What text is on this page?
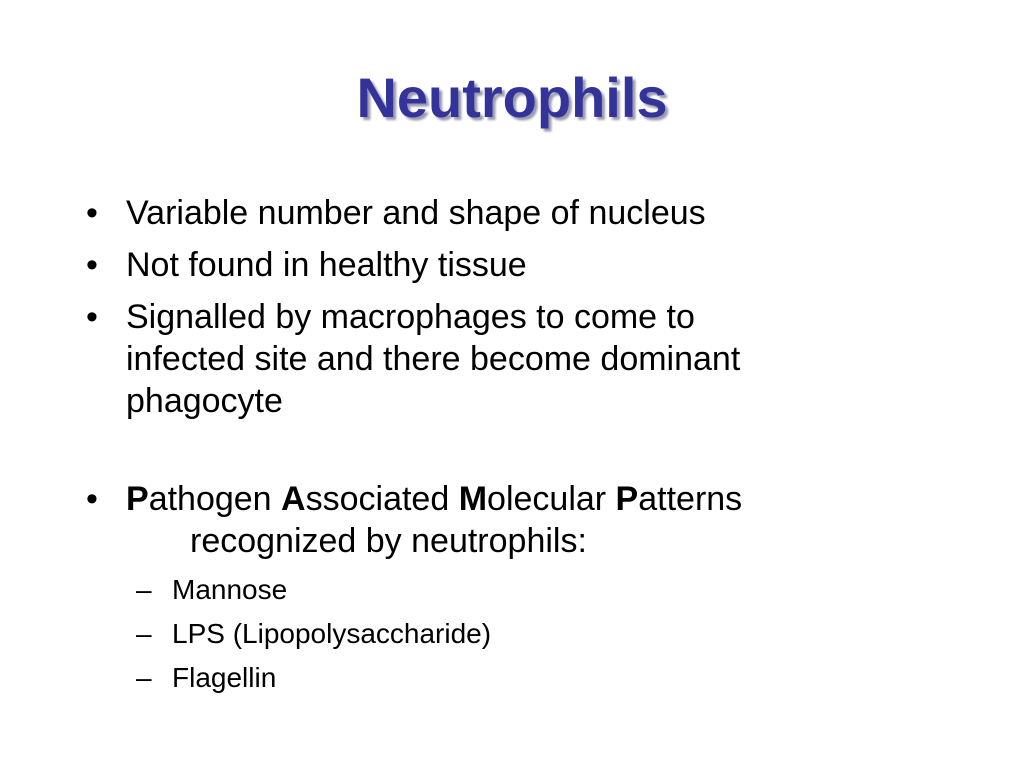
Neutrophils
• Variable number and shape of nucleus
• Not found in healthy tissue
• Signalled by macrophages to come to
infected site and there become dominant
phagocyte
• Pathogen Associated Molecular Patterns
recognized by neutrophils:
– Mannose
– LPS (Lipopolysaccharide)
– Flagellin
